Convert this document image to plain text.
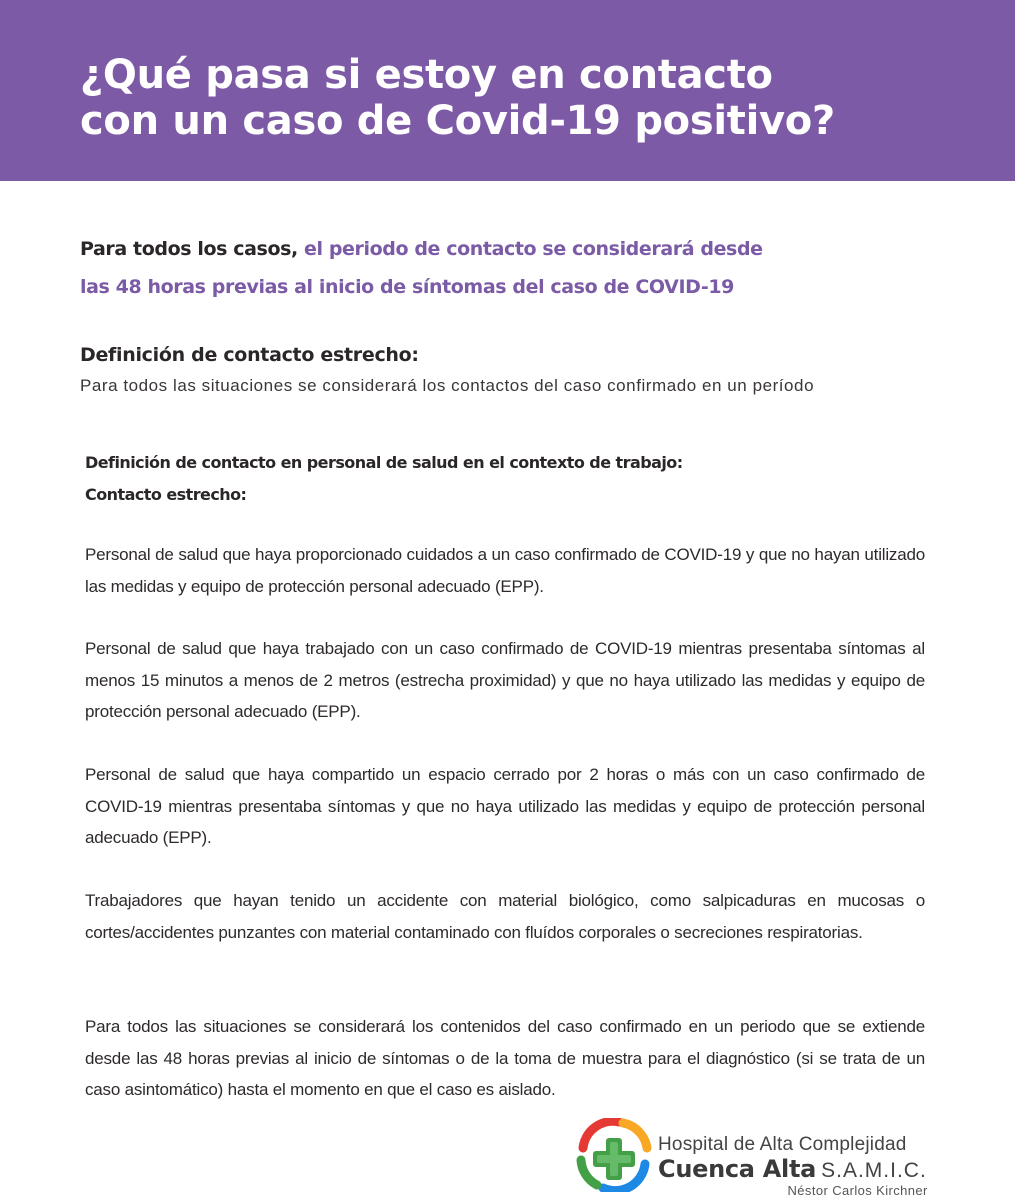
¿Qué pasa si estoy en contacto
con un caso de Covid-19 positivo?
Para todos los casos, el periodo de contacto se considerará desde
las 48 horas previas al inicio de síntomas del caso de COVID-19
Definición de contacto estrecho:

Para todos las situaciones se considerará los contactos del caso confirmado en un período

Definición de contacto en personal de salud en el contexto de trabajo:
Contacto estrecho:

Personal de salud que haya proporcionado cuidados a un caso confirmado de COVID-19 y que no hayan utilizado las medidas y equipo de protección personal adecuado (EPP).

Personal de salud que haya trabajado con un caso confirmado de COVID-19 mientras presentaba síntomas al menos 15 minutos a menos de 2 metros (estrecha proximidad) y que no haya utilizado las medidas y equipo de protección personal adecuado (EPP).

Personal de salud que haya compartido un espacio cerrado por 2 horas o más con un caso confirmado de COVID-19 mientras presentaba síntomas y que no haya utilizado las medidas y equipo de protección personal adecuado (EPP).

Trabajadores que hayan tenido un accidente con material biológico, como salpicaduras en mucosas o cortes/accidentes punzantes con material contaminado con fluídos corporales o secreciones respiratorias.

Para todos las situaciones se considerará los contenidos del caso confirmado en un periodo que se extiende desde las 48 horas previas al inicio de síntomas o de la toma de muestra para el diagnóstico (si se trata de un caso asintomático) hasta el momento en que el caso es aislado.

Hospital de Alta Complejidad
Cuenca Alta S.A.M.I.C.
Néstor Carlos Kirchner
